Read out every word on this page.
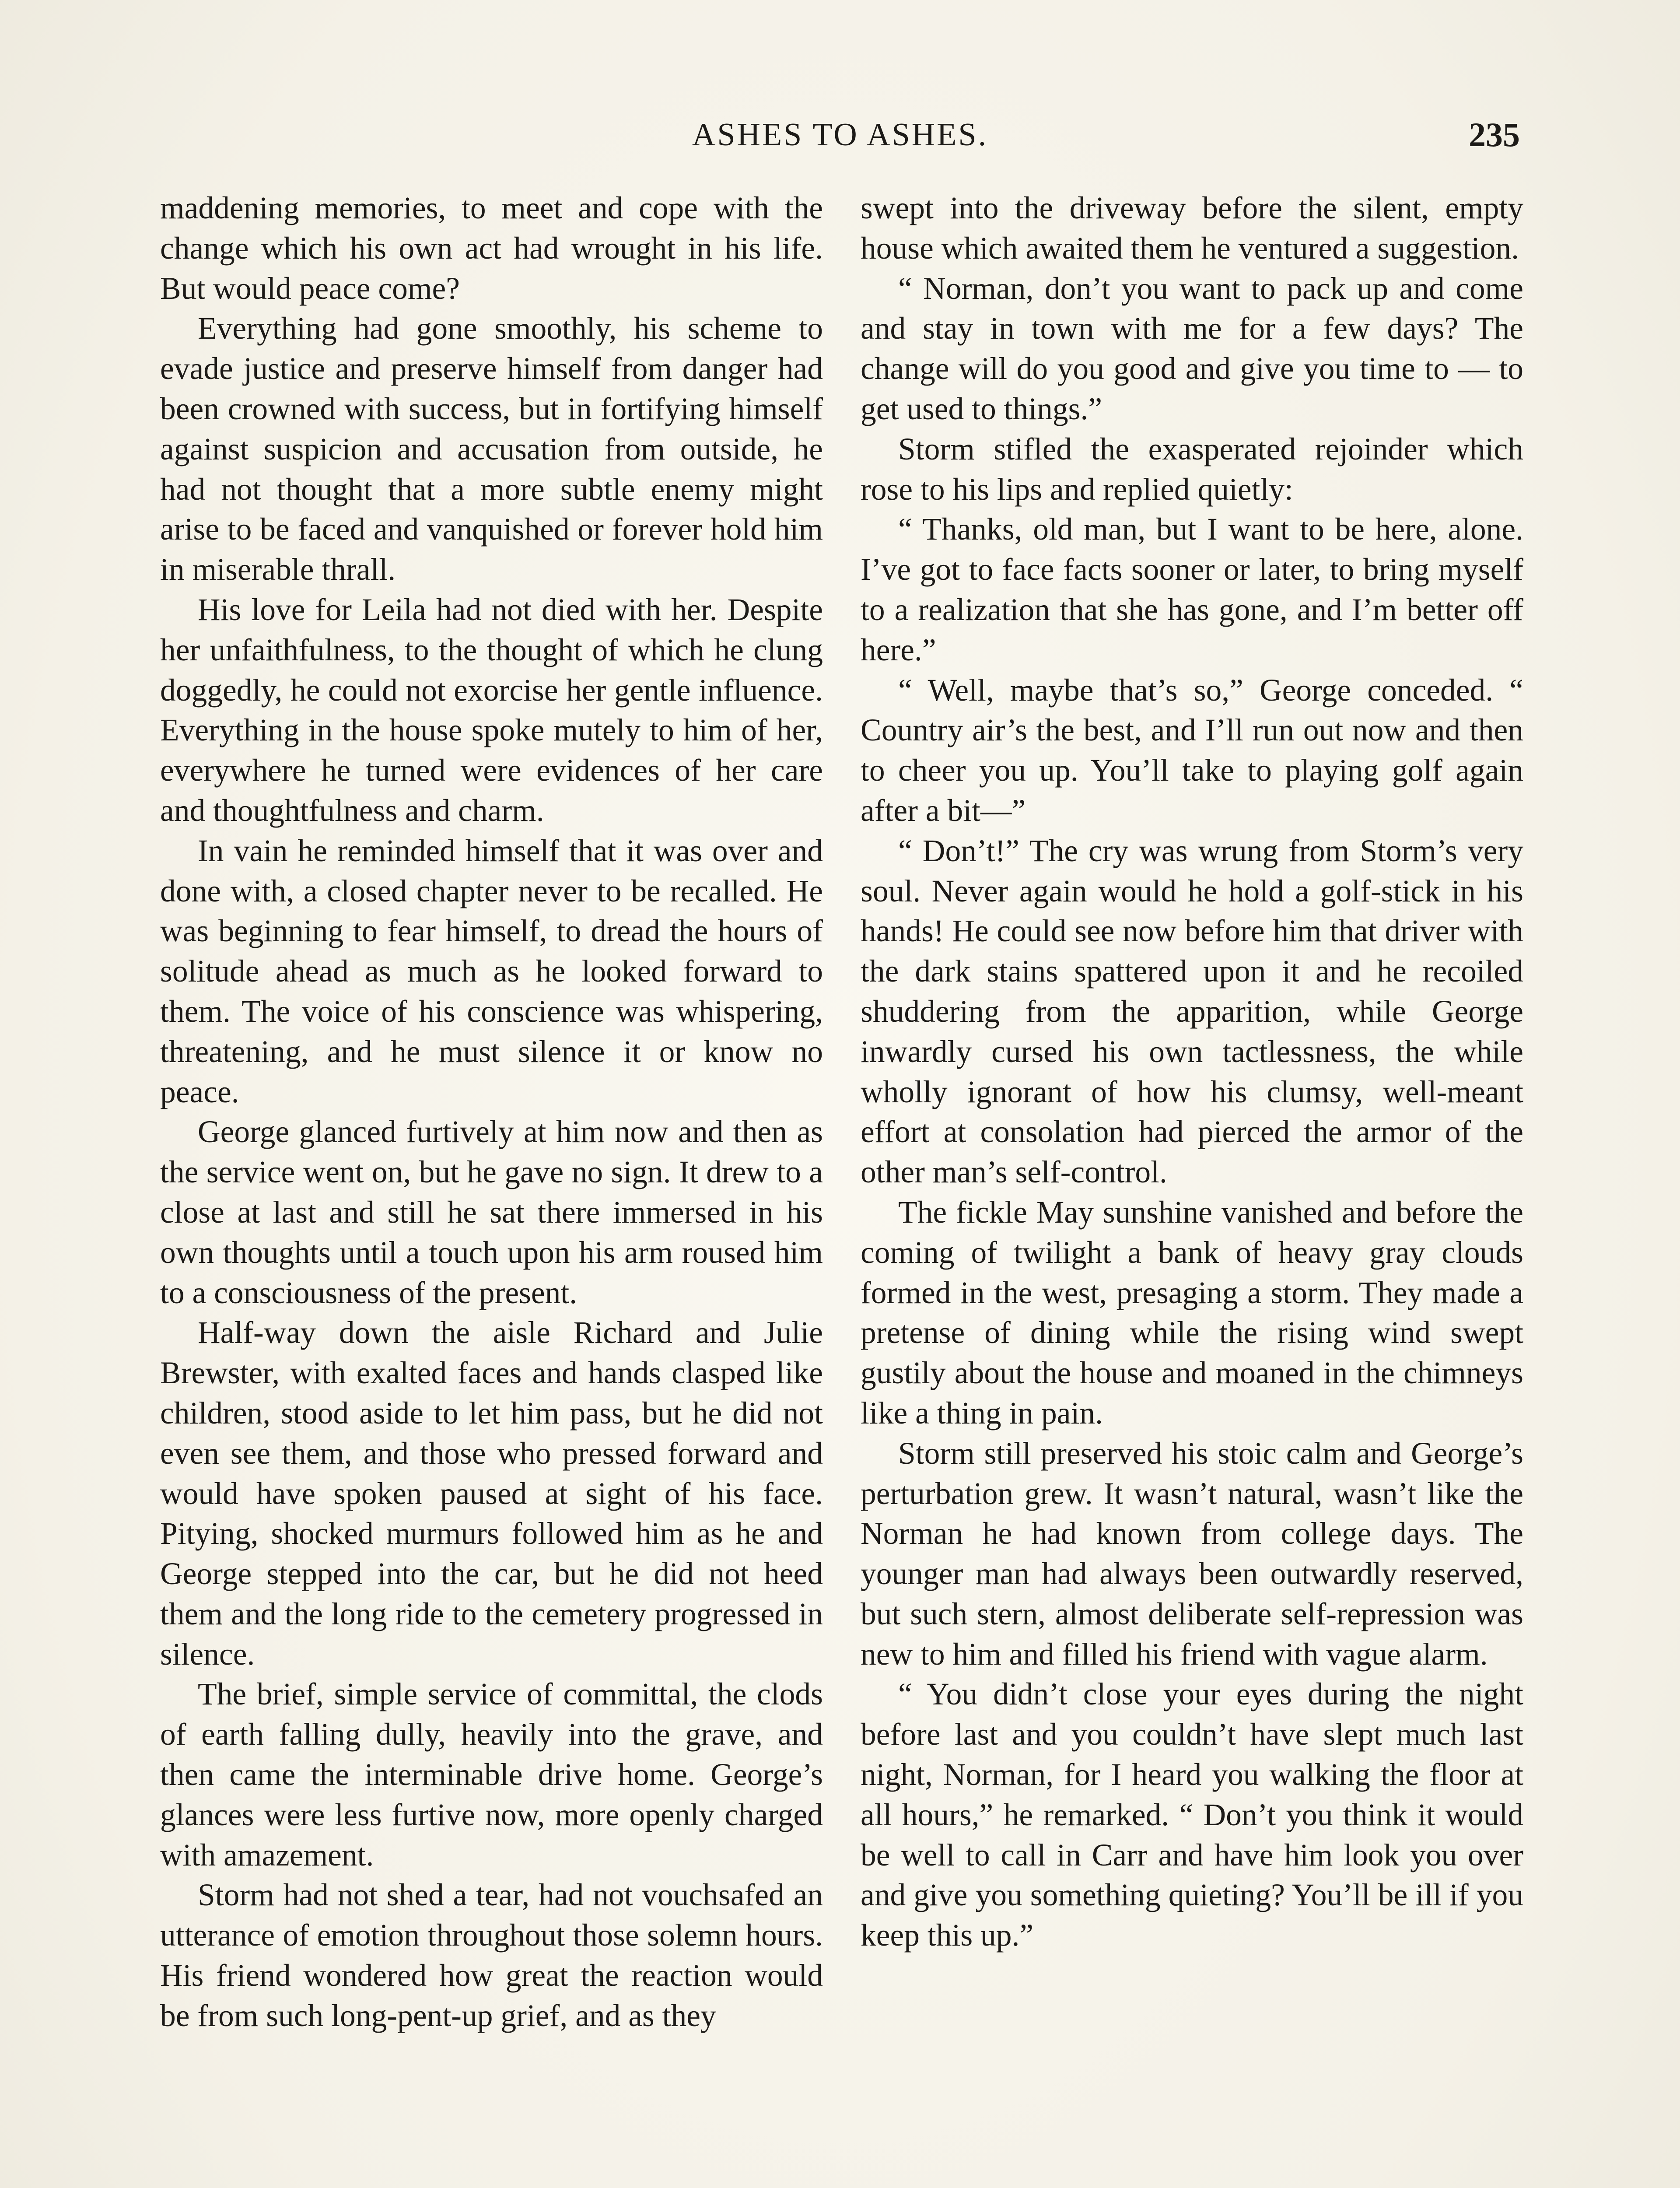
ASHES TO ASHES.	235

maddening memories, to meet and cope with the change which his own act had wrought in his life. But would peace come?

Everything had gone smoothly, his scheme to evade justice and preserve himself from danger had been crowned with success, but in fortifying himself against suspicion and accusation from outside, he had not thought that a more subtle enemy might arise to be faced and vanquished or forever hold him in miserable thrall.

His love for Leila had not died with her. Despite her unfaithfulness, to the thought of which he clung doggedly, he could not exorcise her gentle influence. Everything in the house spoke mutely to him of her, everywhere he turned were evidences of her care and thoughtfulness and charm.

In vain he reminded himself that it was over and done with, a closed chapter never to be recalled. He was beginning to fear himself, to dread the hours of solitude ahead as much as he looked forward to them. The voice of his conscience was whispering, threatening, and he must silence it or know no peace.

George glanced furtively at him now and then as the service went on, but he gave no sign. It drew to a close at last and still he sat there immersed in his own thoughts until a touch upon his arm roused him to a consciousness of the present.

Half-way down the aisle Richard and Julie Brewster, with exalted faces and hands clasped like children, stood aside to let him pass, but he did not even see them, and those who pressed forward and would have spoken paused at sight of his face. Pitying, shocked murmurs followed him as he and George stepped into the car, but he did not heed them and the long ride to the cemetery progressed in silence.

The brief, simple service of committal, the clods of earth falling dully, heavily into the grave, and then came the interminable drive home. George’s glances were less furtive now, more openly charged with amazement.

Storm had not shed a tear, had not vouchsafed an utterance of emotion throughout those solemn hours. His friend wondered how great the reaction would be from such long-pent-up grief, and as they

swept into the driveway before the silent, empty house which awaited them he ventured a suggestion.

“ Norman, don’t you want to pack up and come and stay in town with me for a few days? The change will do you good and give you time to — to get used to things.”

Storm stifled the exasperated rejoinder which rose to his lips and replied quietly:

“ Thanks, old man, but I want to be here, alone. I’ve got to face facts sooner or later, to bring myself to a realization that she has gone, and I’m better off here.”

“ Well, maybe that’s so,” George conceded. “ Country air’s the best, and I’ll run out now and then to cheer you up. You’ll take to playing golf again after a bit—”

“ Don’t!” The cry was wrung from Storm’s very soul. Never again would he hold a golf-stick in his hands! He could see now before him that driver with the dark stains spattered upon it and he recoiled shuddering from the apparition, while George inwardly cursed his own tactlessness, the while wholly ignorant of how his clumsy, well-meant effort at consolation had pierced the armor of the other man’s self-control.

The fickle May sunshine vanished and before the coming of twilight a bank of heavy gray clouds formed in the west, presaging a storm. They made a pretense of dining while the rising wind swept gustily about the house and moaned in the chimneys like a thing in pain.

Storm still preserved his stoic calm and George’s perturbation grew. It wasn’t natural, wasn’t like the Norman he had known from college days. The younger man had always been outwardly reserved, but such stern, almost deliberate self-repression was new to him and filled his friend with vague alarm.

“ You didn’t close your eyes during the night before last and you couldn’t have slept much last night, Norman, for I heard you walking the floor at all hours,” he remarked. “ Don’t you think it would be well to call in Carr and have him look you over and give you something quieting? You’ll be ill if you keep this up.”
